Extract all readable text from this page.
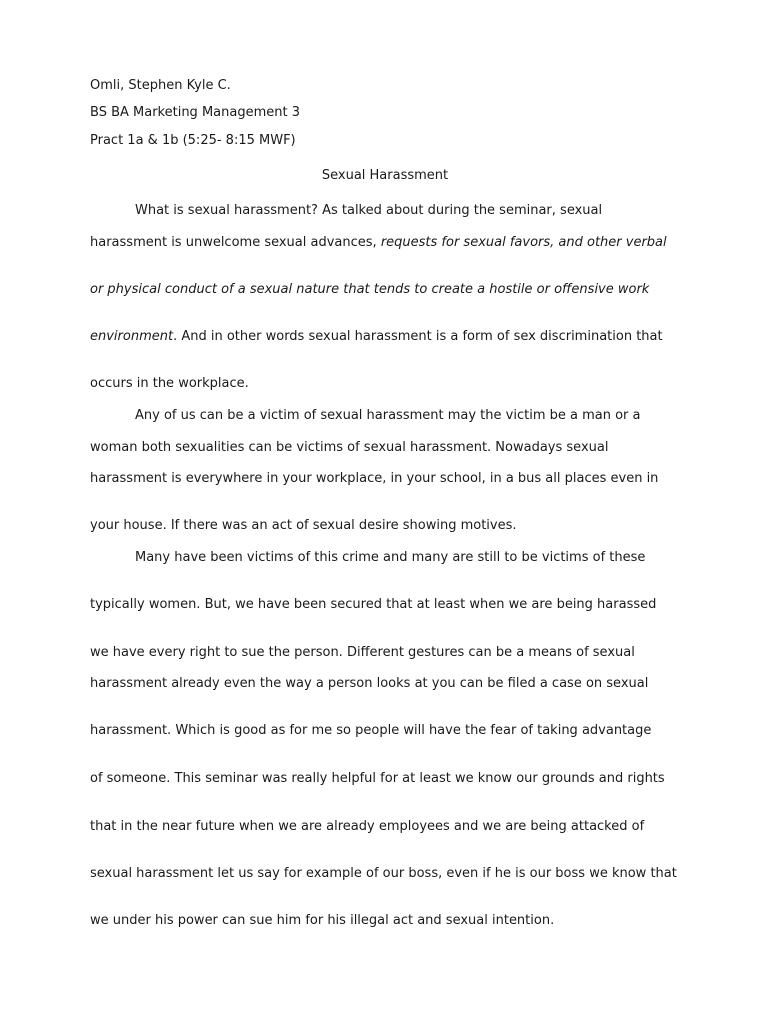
Omli, Stephen Kyle C.
BS BA Marketing Management 3
Pract 1a & 1b (5:25- 8:15 MWF)
Sexual Harassment
What is sexual harassment? As talked about during the seminar, sexual
harassment is unwelcome sexual advances, requests for sexual favors, and other verbal
or physical conduct of a sexual nature that tends to create a hostile or offensive work
environment. And in other words sexual harassment is a form of sex discrimination that
occurs in the workplace.
Any of us can be a victim of sexual harassment may the victim be a man or a
woman both sexualities can be victims of sexual harassment. Nowadays sexual
harassment is everywhere in your workplace, in your school, in a bus all places even in
your house. If there was an act of sexual desire showing motives.
Many have been victims of this crime and many are still to be victims of these
typically women. But, we have been secured that at least when we are being harassed
we have every right to sue the person. Different gestures can be a means of sexual
harassment already even the way a person looks at you can be filed a case on sexual
harassment. Which is good as for me so people will have the fear of taking advantage
of someone. This seminar was really helpful for at least we know our grounds and rights
that in the near future when we are already employees and we are being attacked of
sexual harassment let us say for example of our boss, even if he is our boss we know that
we under his power can sue him for his illegal act and sexual intention.
